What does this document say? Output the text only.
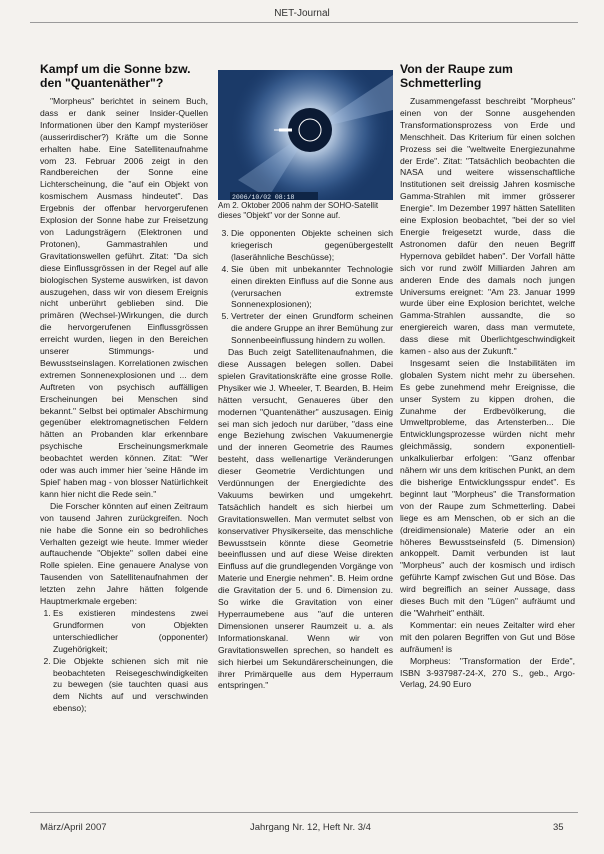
NET-Journal
Kampf um die Sonne bzw. den "Quantenäther"?

"Morpheus" berichtet in seinem Buch, dass er dank seiner Insider-Quellen Informationen über den Kampf mysteriöser (ausserirdischer?) Kräfte um die Sonne erhalten habe. Eine Satellitenaufnahme vom 23. Februar 2006 zeigt in den Randbereichen der Sonne eine Lichterscheinung, die "auf ein Objekt von kosmischem Ausmass hindeutet". Das Ergebnis der offenbar hervorgerufenen Explosion der Sonne habe zur Freisetzung von Ladungsträgern (Elektronen und Protonen), Gammastrahlen und Gravitationswellen geführt. Zitat: "Da sich diese Einflussgrössen in der Regel auf alle biologischen Systeme auswirken, ist davon auszugehen, dass wir von diesem Ereignis nicht unberührt geblieben sind. Die primären (Wechsel-)Wirkungen, die durch die hervorgerufenen Einflussgrössen erreicht wurden, liegen in den Bereichen unserer Stimmungs- und Bewusstseinslagen. Korrelationen zwischen extremen Sonnenexplosionen und ... dem Auftreten von psychisch auffälligen Erscheinungen bei Menschen sind bekannt." Selbst bei optimaler Abschirmung gegenüber elektromagnetischen Feldern hätten an Probanden klar erkennbare psychische Erscheinungsmerkmale beobachtet werden können. Zitat: "Wer oder was auch immer hier 'seine Hände im Spiel' haben mag - von blosser Natürlichkeit kann hier nicht die Rede sein."

Die Forscher könnten auf einen Zeitraum von tausend Jahren zurückgreifen. Noch nie habe die Sonne ein so bedrohliches Verhalten gezeigt wie heute. Immer wieder auftauchende "Objekte" sollen dabei eine Rolle spielen. Eine genauere Analyse von Tausenden von Satellitenaufnahmen der letzten zehn Jahre hätten folgende Hauptmerkmale ergeben:

1. Es existieren mindestens zwei Grundformen von Objekten unterschiedlicher (opponenter) Zugehörigkeit;
2. Die Objekte schienen sich mit nie beobachteten Reisegeschwindigkeiten zu bewegen (sie tauchten quasi aus dem Nichts auf und verschwinden ebenso);
2006/10/02 08:18
Am 2. Oktober 2006 nahm der SOHO-Satellit dieses "Objekt" vor der Sonne auf.
3. Die opponenten Objekte scheinen sich kriegerisch gegenübergestellt (laserähnliche Beschüsse);
4. Sie üben mit unbekannter Technologie einen direkten Einfluss auf die Sonne aus (verursachen extremste Sonnenexplosionen);
5. Vertreter der einen Grundform scheinen die andere Gruppe an ihrer Bemühung zur Sonnenbeeinflussung hindern zu wollen.

Das Buch zeigt Satellitenaufnahmen, die diese Aussagen belegen sollen. Dabei spielen Gravitationskräfte eine grosse Rolle. Physiker wie J. Wheeler, T. Bearden, B. Heim hätten versucht, Genaueres über den modernen "Quantenäther" auszusagen. Einig sei man sich jedoch nur darüber, "dass eine enge Beziehung zwischen Vakuumenergie und der inneren Geometrie des Raumes besteht, dass wellenartige Veränderungen dieser Geometrie Verdichtungen und Verdünnungen der Energiedichte des Vakuums bewirken und umgekehrt. Tatsächlich handelt es sich hierbei um Gravitationswellen. Man vermutet selbst von konservativer Physikerseite, das menschliche Bewusstsein könnte diese Geometrie beeinflussen und auf diese Weise direkten Einfluss auf die grundlegenden Vorgänge von Materie und Energie nehmen". B. Heim ordne die Gravitation der 5. und 6. Dimension zu. So wirke die Gravitation von einer Hyperraumebene aus "auf die unteren Dimensionen unserer Raumzeit u. a. als Informationskanal. Wenn wir von Gravitationswellen sprechen, so handelt es sich hierbei um Sekundärerscheinungen, die ihrer Primärquelle aus dem Hyperraum entspringen."

Von der Raupe zum Schmetterling

Zusammengefasst beschreibt "Morpheus" einen von der Sonne ausgehenden Transformationsprozess von Erde und Menschheit. Das Kriterium für einen solchen Prozess sei die "weltweite Energiezunahme der Erde". Zitat: "Tatsächlich beobachten die NASA und weitere wissenschaftliche Institutionen seit dreissig Jahren kosmische Gamma-Strahlen mit immer grösserer Energie". Im Dezember 1997 hätten Satelliten eine Explosion beobachtet, "bei der so viel Energie freigesetzt wurde, dass die Astronomen dafür den neuen Begriff Hypernova gebildet haben". Der Vorfall hätte sich vor rund zwölf Milliarden Jahren am anderen Ende des damals noch jungen Universums ereignet: "Am 23. Januar 1999 wurde über eine Explosion berichtet, welche Gamma-Strahlen aussandte, die so energiereich waren, dass man vermutete, dass diese mit Überlichtgeschwindigkeit kamen - also aus der Zukunft."

Insgesamt seien die Instabilitäten im globalen System nicht mehr zu übersehen. Es gebe zunehmend mehr Ereignisse, die unser System zu kippen drohen, die Zunahme der Erdbevölkerung, die Umweltprobleme, das Artensterben... Die Entwicklungsprozesse würden nicht mehr gleichmässig, sondern exponentiell-unkalkulierbar erfolgen: "Ganz offenbar nähern wir uns dem kritischen Punkt, an dem die bisherige Entwicklungsspur endet". Es beginnt laut "Morpheus" die Transformation von der Raupe zum Schmetterling. Dabei liege es am Menschen, ob er sich an die (dreidimensionale) Materie oder an ein höheres Bewusstseinsfeld (5. Dimension) ankoppelt. Damit verbunden ist laut "Morpheus" auch der kosmisch und irdisch geführte Kampf zwischen Gut und Böse. Das wird begreiflich an seiner Aussage, dass dieses Buch mit den "Lügen" aufräumt und die "Wahrheit" enthält.

Kommentar: ein neues Zeitalter wird eher mit den polaren Begriffen von Gut und Böse aufräumen! is

Morpheus: "Transformation der Erde", ISBN 3-937987-24-X, 270 S., geb., Argo-Verlag, 24.90 Euro

März/April 2007	Jahrgang Nr. 12, Heft Nr. 3/4	35
